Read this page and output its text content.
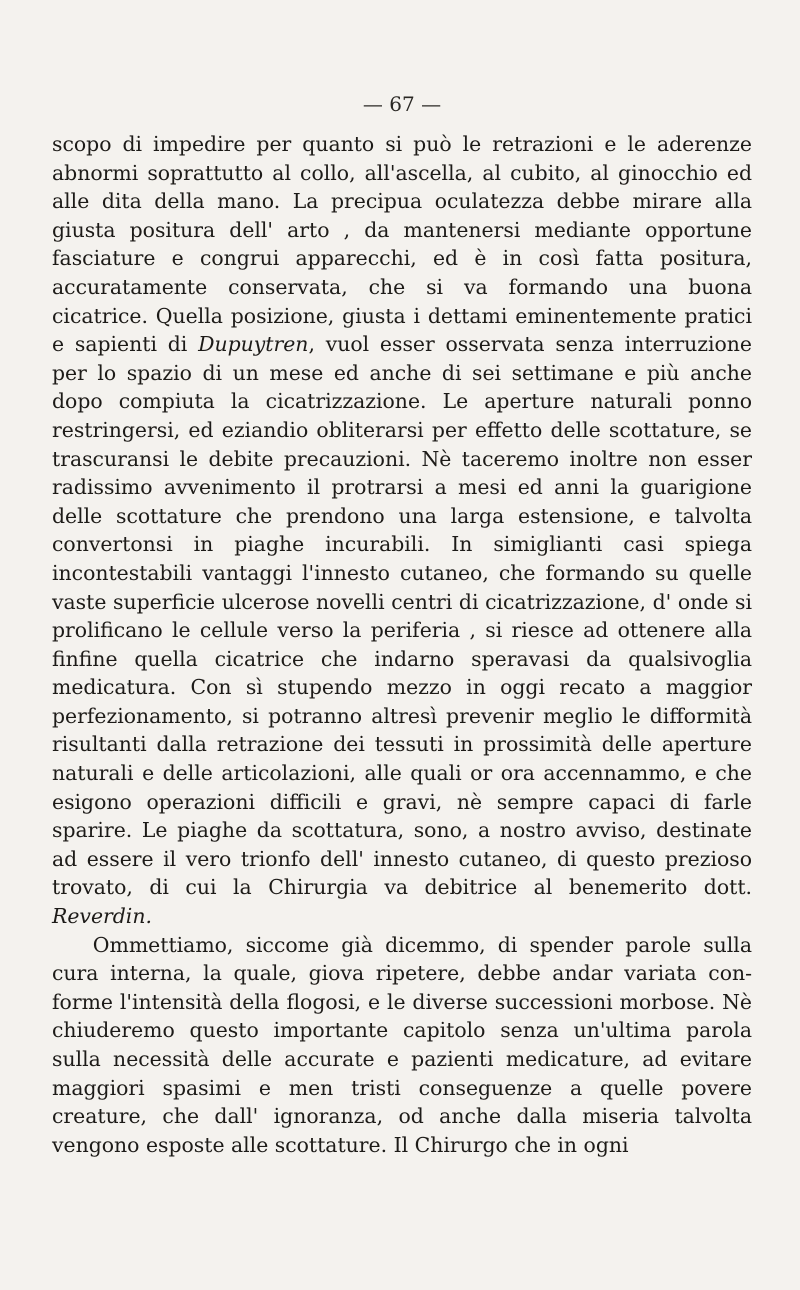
— 67 —

scopo di impedire per quanto si può le retrazioni e le aderenze abnormi soprattutto al collo, all'ascella, al cubito, al ginocchio ed alle dita della mano. La precipua oculatezza debbe mirare alla giusta positura dell' arto , da mantenersi mediante opportune fasciature e congrui apparecchi, ed è in così fatta positura, accuratamente conservata, che si va formando una buona cicatrice. Quella posizione, giusta i dettami eminentemente pratici e sapienti di Dupuytren, vuol esser osservata senza interruzione per lo spazio di un mese ed anche di sei settimane e più anche dopo compiuta la cicatrizzazione. Le aperture naturali ponno restringersi, ed eziandio obliterarsi per effetto delle scottature, se trascuransi le debite precauzioni. Nè taceremo inoltre non esser radissimo avvenimento il protrarsi a mesi ed anni la guarigione delle scottature che prendono una larga estensione, e talvolta convertonsi in piaghe incurabili. In simiglianti casi spiega incontestabili vantaggi l'innesto cutaneo, che formando su quelle vaste superficie ulcerose novelli centri di cicatrizzazione, d' onde si prolificano le cellule verso la periferia , si riesce ad ottenere alla finfine quella cicatrice che indarno speravasi da qualsivoglia medicatura. Con sì stupendo mezzo in oggi recato a maggior perfezionamento, si potranno altresì prevenir meglio le difformità risultanti dalla retrazione dei tessuti in prossimità delle aperture naturali e delle articolazioni, alle quali or ora accennammo, e che esigono operazioni difficili e gravi, nè sempre capaci di farle sparire. Le piaghe da scottatura, sono, a nostro avviso, destinate ad essere il vero trionfo dell' innesto cutaneo, di questo prezioso trovato, di cui la Chirurgia va debitrice al benemerito dott. Reverdin.

Ommettiamo, siccome già dicemmo, di spender parole sulla cura interna, la quale, giova ripetere, debbe andar variata conforme l'intensità della flogosi, e le diverse successioni morbose. Nè chiuderemo questo importante capitolo senza un'ultima parola sulla necessità delle accurate e pazienti medicature, ad evitare maggiori spasimi e men tristi conseguenze a quelle povere creature, che dall' ignoranza, od anche dalla miseria talvolta vengono esposte alle scottature. Il Chirurgo che in ogni
